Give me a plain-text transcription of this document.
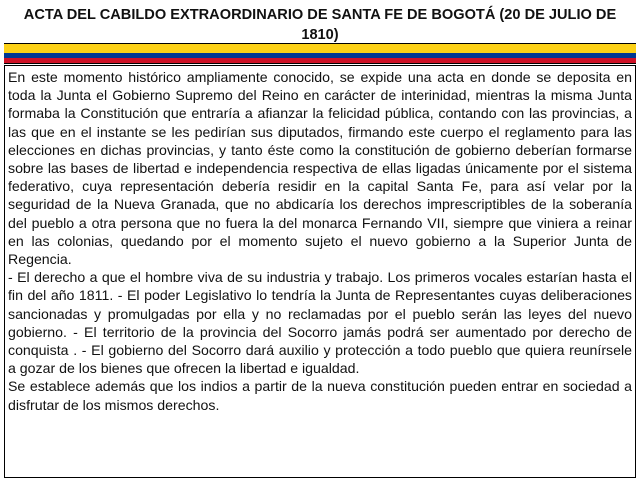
ACTA DEL CABILDO EXTRAORDINARIO DE SANTA FE DE BOGOTÁ (20 DE JULIO DE 1810)

En este momento histórico ampliamente conocido, se expide una acta en donde se deposita en toda la Junta el Gobierno Supremo del Reino en carácter de interinidad, mientras la misma Junta formaba la Constitución que entraría a afianzar la felicidad pública, contando con las provincias, a las que en el instante se les pedirían sus diputados, firmando este cuerpo el reglamento para las elecciones en dichas provincias, y tanto éste como la constitución de gobierno deberían formarse sobre las bases de libertad e independencia respectiva de ellas ligadas únicamente por el sistema federativo, cuya representación debería residir en la capital Santa Fe, para así velar por la seguridad de la Nueva Granada, que no abdicaría los derechos imprescriptibles de la soberanía del pueblo a otra persona que no fuera la del monarca Fernando VII, siempre que viniera a reinar en las colonias, quedando por el momento sujeto el nuevo gobierno a la Superior Junta de Regencia.

- El derecho a que el hombre viva de su industria y trabajo. Los primeros vocales estarían hasta el fin del año 1811. - El poder Legislativo lo tendría la Junta de Representantes cuyas deliberaciones sancionadas y promulgadas por ella y no reclamadas por el pueblo serán las leyes del nuevo gobierno. - El territorio de la provincia del Socorro jamás podrá ser aumentado por derecho de conquista . - El gobierno del Socorro dará auxilio y protección a todo pueblo que quiera reunírsele a gozar de los bienes que ofrecen la libertad e igualdad.

Se establece además que los indios a partir de la nueva constitución pueden entrar en sociedad a disfrutar de los mismos derechos.
